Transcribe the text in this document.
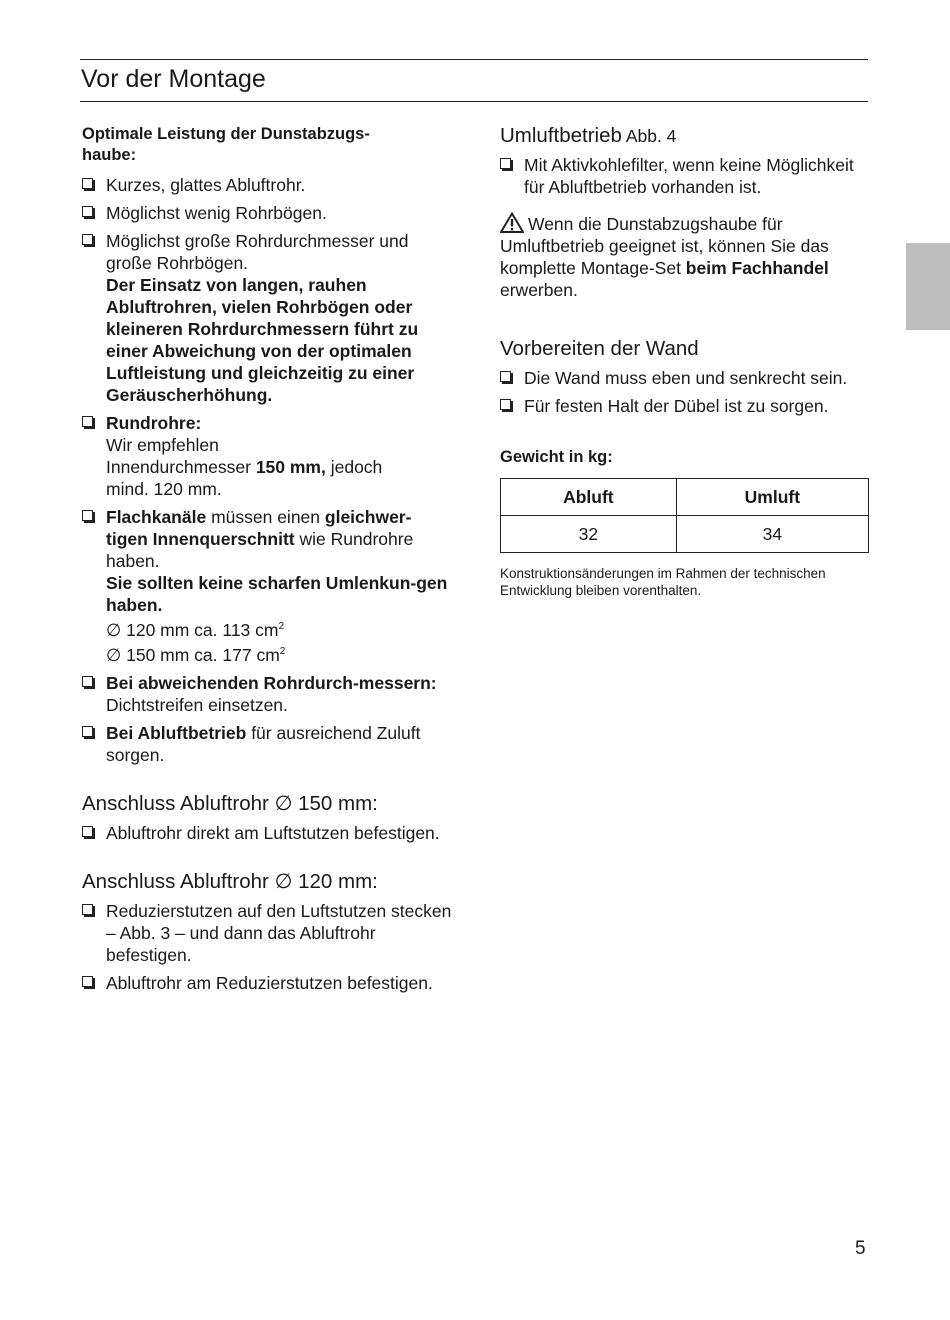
Vor der Montage
Optimale Leistung der Dunstabzugs-
haube:
Kurzes, glattes Abluftrohr.
Möglichst wenig Rohrbögen.
Möglichst große Rohrdurchmesser und große Rohrbögen.
Der Einsatz von langen, rauhen Abluftrohren, vielen Rohrbögen oder kleineren Rohrdurchmessern führt zu einer Abweichung von der optimalen Luftleistung und gleichzeitig zu einer Geräuscherhöhung.
Rundrohre:
Wir empfehlen
Innendurchmesser 150 mm, jedoch
mind. 120 mm.
Flachkanäle müssen einen gleichwer-tigen Innenquerschnitt wie Rundrohre haben.
Sie sollten keine scharfen Umlenkun-gen haben.
∅ 120 mm ca. 113 $cm^2$
∅ 150 mm ca. 177 $cm^2$
Bei abweichenden Rohrdurch-messern: Dichtstreifen einsetzen.
Bei Abluftbetrieb für ausreichend Zuluft sorgen.
Anschluss Abluftrohr ∅ 150 mm:
Abluftrohr direkt am Luftstutzen befestigen.
Anschluss Abluftrohr ∅ 120 mm:
Reduzierstutzen auf den Luftstutzen stecken – Abb. 3 – und dann das Abluftrohr befestigen.
Abluftrohr am Reduzierstutzen befestigen.
Umluftbetrieb Abb. 4
Mit Aktivkohlefilter, wenn keine Möglichkeit für Abluftbetrieb vorhanden ist.
Wenn die Dunstabzugshaube für Umluftbetrieb geeignet ist, können Sie das komplette Montage-Set beim Fachhandel erwerben.
Vorbereiten der Wand
Die Wand muss eben und senkrecht sein.
Für festen Halt der Dübel ist zu sorgen.
Gewicht in kg:
Abluft	Umluft
32	34
Konstruktionsänderungen im Rahmen der technischen Entwicklung bleiben vorenthalten.
5
